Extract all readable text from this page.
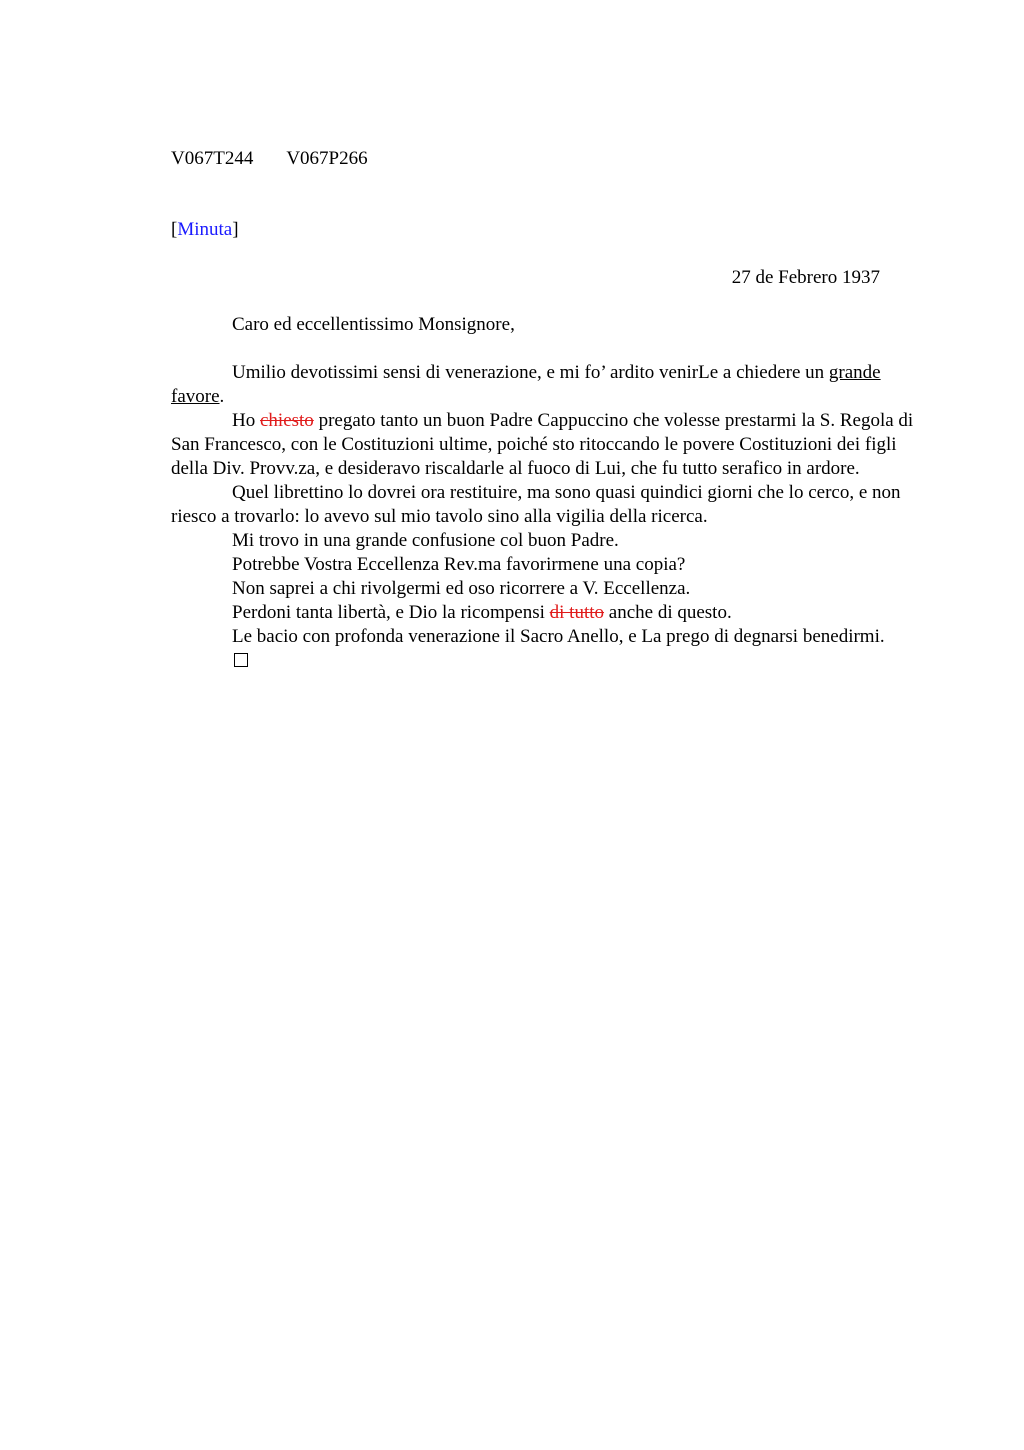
V067T244 V067P266
[Minuta]
27 de Febrero 1937
Caro ed eccellentissimo Monsignore,

Umilio devotissimi sensi di venerazione, e mi fo’ ardito venirLe a chiedere un grande favore.

Ho chiesto pregato tanto un buon Padre Cappuccino che volesse prestarmi la S. Regola di San Francesco, con le Costituzioni ultime, poiché sto ritoccando le povere Costituzioni dei figli della Div. Provv.za, e desideravo riscaldarle al fuoco di Lui, che fu tutto serafico in ardore.

Quel librettino lo dovrei ora restituire, ma sono quasi quindici giorni che lo cerco, e non riesco a trovarlo: lo avevo sul mio tavolo sino alla vigilia della ricerca.

Mi trovo in una grande confusione col buon Padre.

Potrebbe Vostra Eccellenza Rev.ma favorirmene una copia?

Non saprei a chi rivolgermi ed oso ricorrere a V. Eccellenza.

Perdoni tanta libertà, e Dio la ricompensi di tutto anche di questo.

Le bacio con profonda venerazione il Sacro Anello, e La prego di degnarsi benedirmi.
